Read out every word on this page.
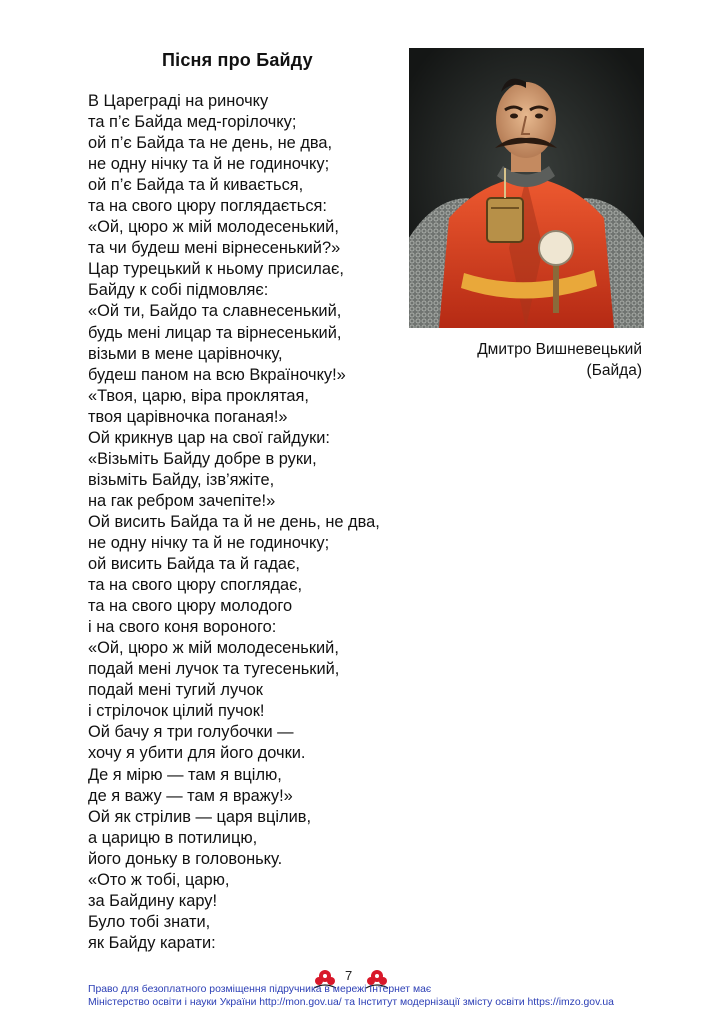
Пісня про Байду
В Цареграді на риночку
та п’є Байда мед-горілочку;
ой п’є Байда та не день, не два,
не одну нічку та й не годиночку;
ой п’є Байда та й кивається,
та на свого цюру поглядається:
«Ой, цюро ж мій молодесенький,
та чи будеш мені вірнесенький?»
Цар турецький к ньому присилає,
Байду к собі підмовляє:
«Ой ти, Байдо та славнесенький,
будь мені лицар та вірнесенький,
візьми в мене царівночку,
будеш паном на всю Вкраїночку!»
«Твоя, царю, віра проклятая,
твоя царівночка поганая!»
Ой крикнув цар на свої гайдуки:
«Візьміть Байду добре в руки,
візьміть Байду, ізв’яжіте,
на гак ребром зачепіте!»
Ой висить Байда та й не день, не два,
не одну нічку та й не годиночку;
ой висить Байда та й гадає,
та на свого цюру споглядає,
та на свого цюру молодого
і на свого коня вороного:
«Ой, цюро ж мій молодесенький,
подай мені лучок та тугесенький,
подай мені тугий лучок
і стрілочок цілий пучок!
Ой бачу я три голубочки —
хочу я убити для його дочки.
Де я мірю — там я вцілю,
де я важу — там я вражу!»
Ой як стрілив — царя вцілив,
а царицю в потилицю,
його доньку в головоньку.
«Ото ж тобі, царю,
за Байдину кару!
Було тобі знати,
як Байду карати:
Дмитро Вишневецький
(Байда)
7
Право для безоплатного розміщення підручника в мережі Інтернет має
Міністерство освіти і науки України http://mon.gov.ua/ та Інститут модернізації змісту освіти https://imzo.gov.ua
